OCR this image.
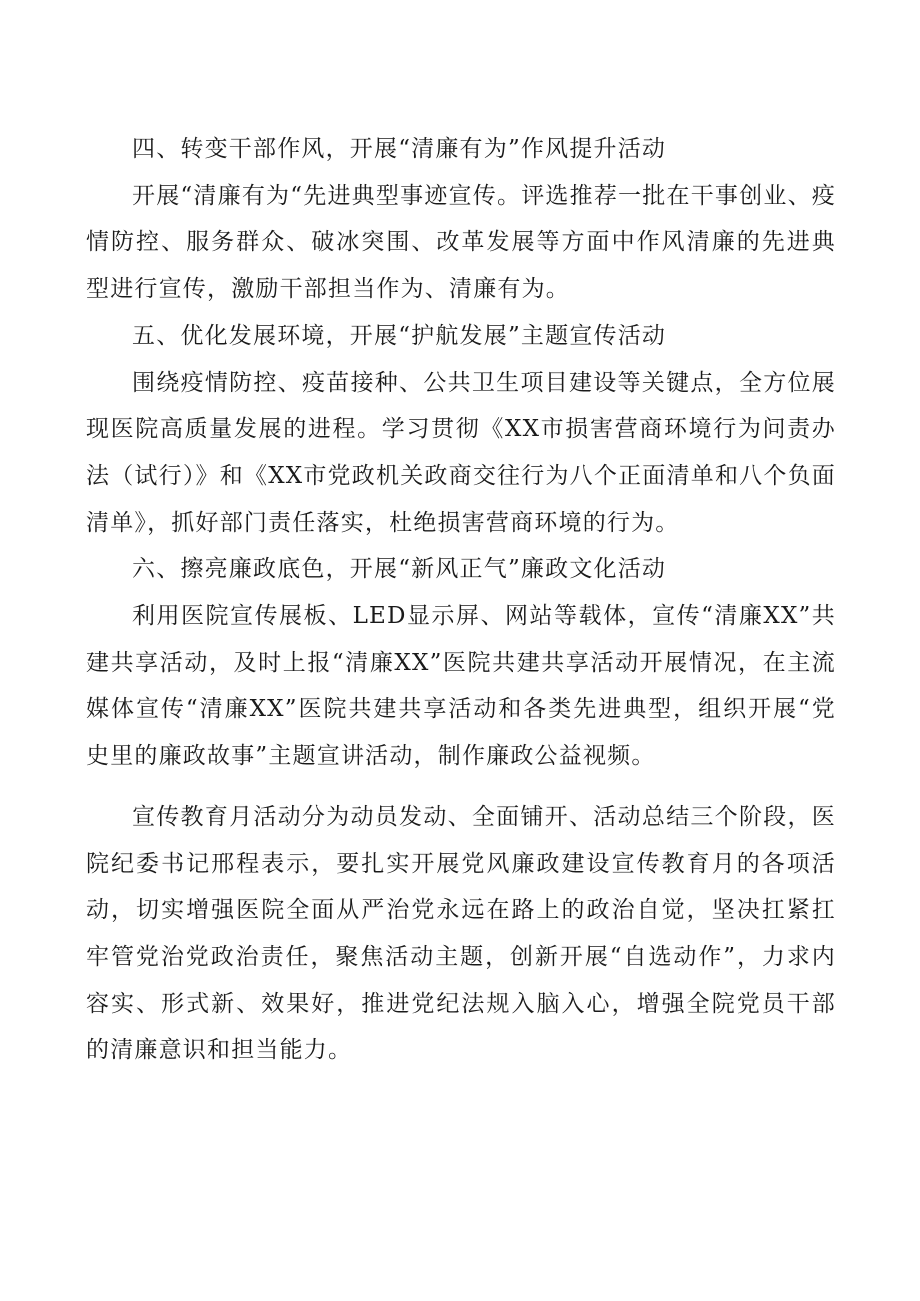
四、转变干部作风，开展“清廉有为”作风提升活动

开展“清廉有为“先进典型事迹宣传。评选推荐一批在干事创业、疫情防控、服务群众、破冰突围、改革发展等方面中作风清廉的先进典型进行宣传，激励干部担当作为、清廉有为。

五、优化发展环境，开展“护航发展”主题宣传活动

围绕疫情防控、疫苗接种、公共卫生项目建设等关键点，全方位展现医院高质量发展的进程。学习贯彻《XX市损害营商环境行为问责办法（试行）》和《XX市党政机关政商交往行为八个正面清单和八个负面清单》，抓好部门责任落实，杜绝损害营商环境的行为。

六、擦亮廉政底色，开展“新风正气”廉政文化活动

利用医院宣传展板、LED显示屏、网站等载体，宣传“清廉XX”共建共享活动，及时上报“清廉XX”医院共建共享活动开展情况，在主流媒体宣传“清廉XX”医院共建共享活动和各类先进典型，组织开展“党史里的廉政故事”主题宣讲活动，制作廉政公益视频。

宣传教育月活动分为动员发动、全面铺开、活动总结三个阶段，医院纪委书记邢程表示，要扎实开展党风廉政建设宣传教育月的各项活动，切实增强医院全面从严治党永远在路上的政治自觉，坚决扛紧扛牢管党治党政治责任，聚焦活动主题，创新开展“自选动作”，力求内容实、形式新、效果好，推进党纪法规入脑入心，增强全院党员干部的清廉意识和担当能力。
